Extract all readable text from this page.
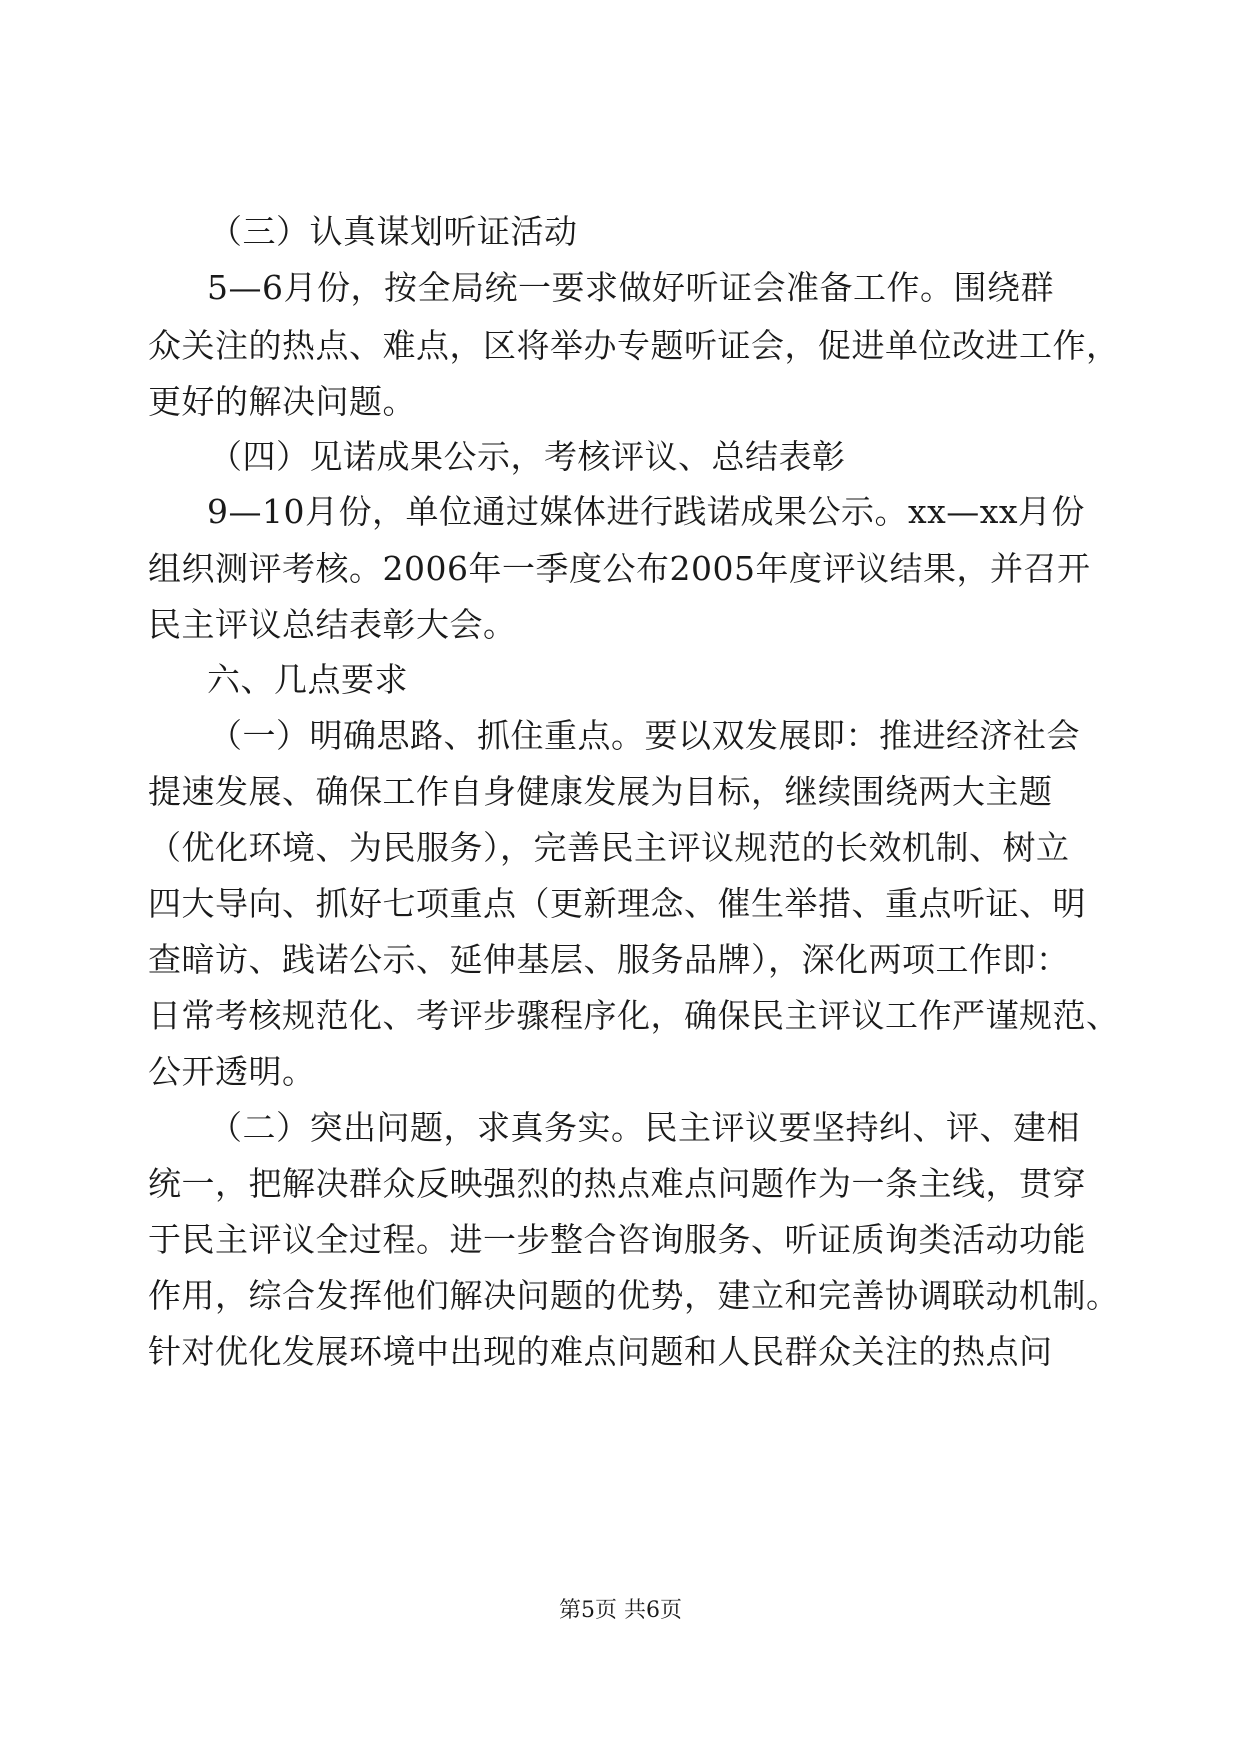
（三）认真谋划听证活动
5—6月份，按全局统一要求做好听证会准备工作。围绕群
众关注的热点、难点，区将举办专题听证会，促进单位改进工作，
更好的解决问题。
（四）见诺成果公示，考核评议、总结表彰
9—10月份，单位通过媒体进行践诺成果公示。xx—xx月份
组织测评考核。2006年一季度公布2005年度评议结果，并召开
民主评议总结表彰大会。
六、几点要求
（一）明确思路、抓住重点。要以双发展即：推进经济社会
提速发展、确保工作自身健康发展为目标，继续围绕两大主题
（优化环境、为民服务），完善民主评议规范的长效机制、树立
四大导向、抓好七项重点（更新理念、催生举措、重点听证、明
查暗访、践诺公示、延伸基层、服务品牌），深化两项工作即：
日常考核规范化、考评步骤程序化，确保民主评议工作严谨规范、
公开透明。
（二）突出问题，求真务实。民主评议要坚持纠、评、建相
统一，把解决群众反映强烈的热点难点问题作为一条主线，贯穿
于民主评议全过程。进一步整合咨询服务、听证质询类活动功能
作用，综合发挥他们解决问题的优势，建立和完善协调联动机制。
针对优化发展环境中出现的难点问题和人民群众关注的热点问
第5页 共6页
